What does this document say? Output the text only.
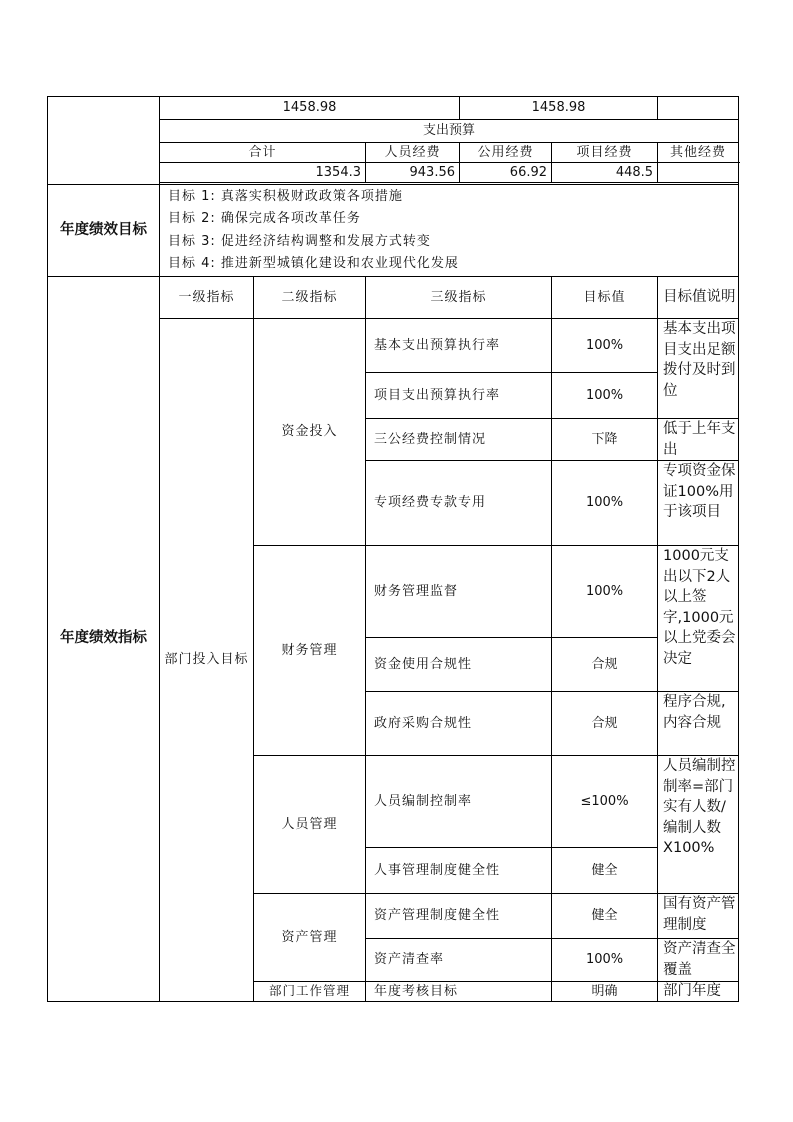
	1458.98			1458.98		
	支出预算					
	合计		人员经费	公用经费	项目经费	其他经费
	1354.3		943.56	66.92	448.5	

年度绩效目标	目标 1: 真落实积极财政政策各项措施
目标 2: 确保完成各项改革任务
目标 3: 促进经济结构调整和发展方式转变
目标 4: 推进新型城镇化建设和农业现代化发展					

年度绩效指标	一级指标	二级指标	三级指标		目标值	目标值说明
	部门投入目标	资金投入	基本支出预算执行率		100%	基本支出项目支出足额拨付及时到位
			项目支出预算执行率		100%	
			三公经费控制情况		下降	低于上年支出
			专项经费专款专用		100%	专项资金保证100%用于该项目
		财务管理	财务管理监督		100%	1000元支出以下2人以上签字,1000元以上党委会决定
			资金使用合规性		合规	
			政府采购合规性		合规	程序合规,内容合规
		人员管理	人员编制控制率		≤100%	人员编制控制率=部门实有人数/编制人数X100%
			人事管理制度健全性		健全	
		资产管理	资产管理制度健全性		健全	国有资产管理制度
			资产清查率		100%	资产清查全覆盖
		部门工作管理	年度考核目标		明确	部门年度
